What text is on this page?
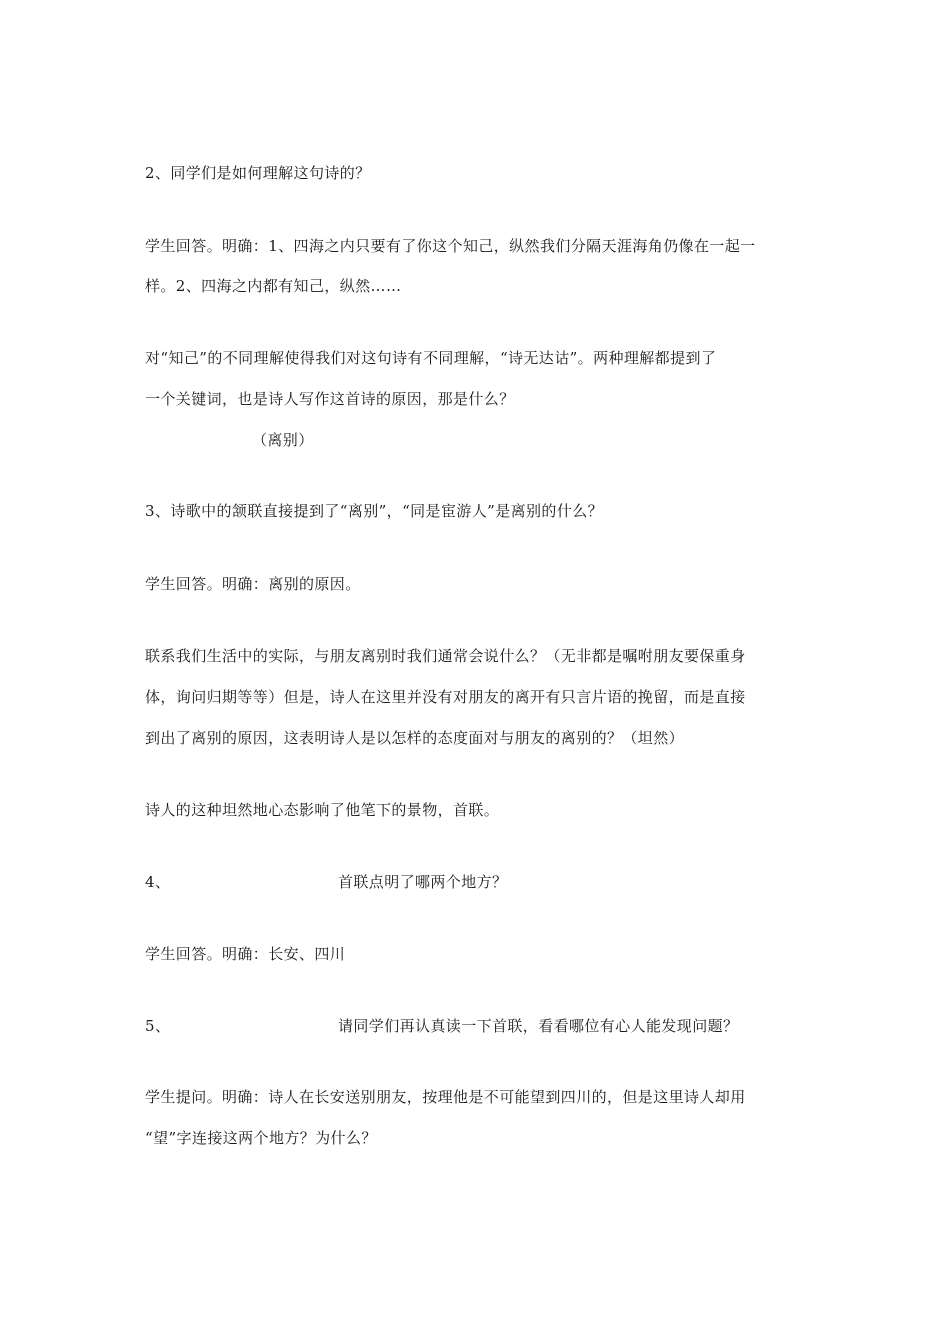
2、同学们是如何理解这句诗的？
学生回答。明确：1、四海之内只要有了你这个知己，纵然我们分隔天涯海角仍像在一起一
样。2、四海之内都有知己，纵然……
对“知己”的不同理解使得我们对这句诗有不同理解，“诗无达诂”。两种理解都提到了
一个关键词，也是诗人写作这首诗的原因，那是什么？
（离别）
3、诗歌中的颔联直接提到了“离别”，“同是宦游人”是离别的什么？
学生回答。明确：离别的原因。
联系我们生活中的实际，与朋友离别时我们通常会说什么？（无非都是嘱咐朋友要保重身
体，询问归期等等）但是，诗人在这里并没有对朋友的离开有只言片语的挽留，而是直接
到出了离别的原因，这表明诗人是以怎样的态度面对与朋友的离别的？（坦然）
诗人的这种坦然地心态影响了他笔下的景物，首联。
4、	首联点明了哪两个地方？
学生回答。明确：长安、四川
5、	请同学们再认真读一下首联，看看哪位有心人能发现问题？
学生提问。明确：诗人在长安送别朋友，按理他是不可能望到四川的，但是这里诗人却用
“望”字连接这两个地方？为什么？
